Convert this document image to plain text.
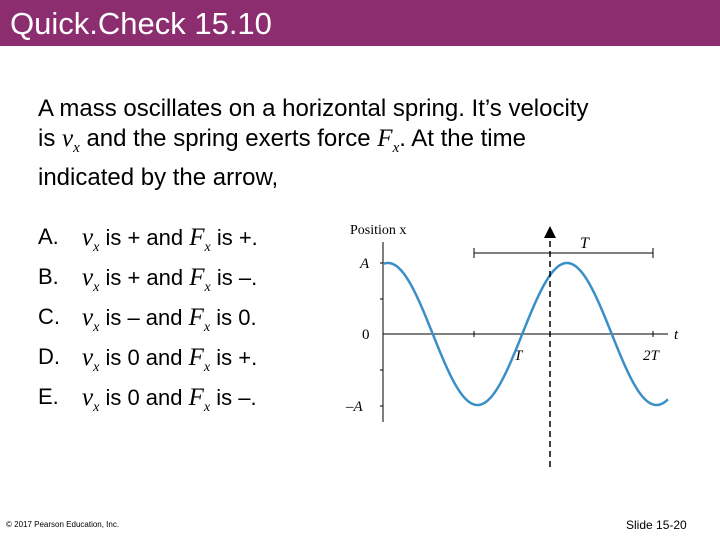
Quick.Check 15.10
A mass oscillates on a horizontal spring. It’s velocity
is $v_x$ and the spring exerts force $F_x$. At the time
indicated by the arrow,
A. $v_x$ is + and $F_x$ is +.
B. $v_x$ is + and $F_x$ is –.
C. $v_x$ is – and $F_x$ is 0.
D. $v_x$ is 0 and $F_x$ is +.
E. $v_x$ is 0 and $F_x$ is –.
Position x
A
0
–A
T	2T
t
T
© 2017 Pearson Education, Inc.	Slide 15-20
